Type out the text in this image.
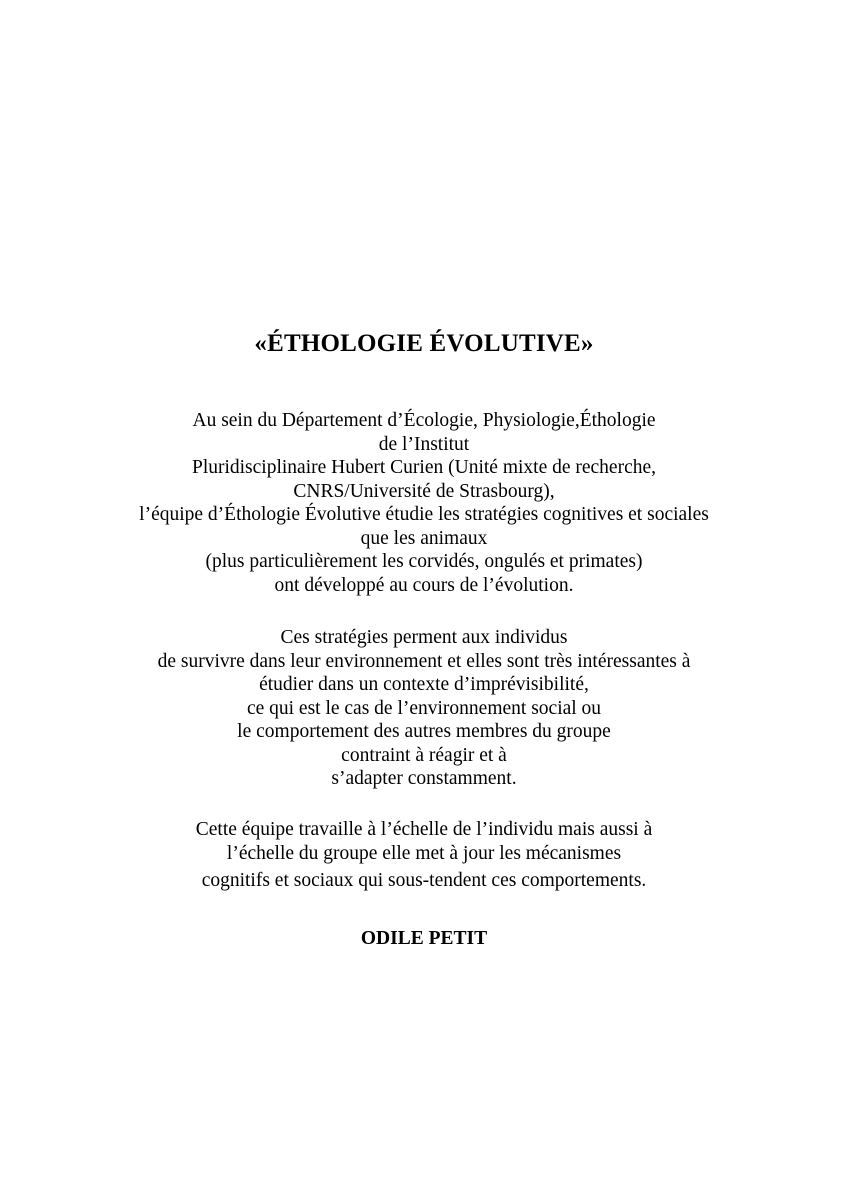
«ÉTHOLOGIE ÉVOLUTIVE»
Au sein du Département d’Écologie, Physiologie,Éthologie
de l’Institut
Pluridisciplinaire Hubert Curien (Unité mixte de recherche,
CNRS/Université de Strasbourg),
l’équipe d’Éthologie Évolutive étudie les stratégies cognitives et sociales
que les animaux
(plus particulièrement les corvidés, ongulés et primates)
ont développé au cours de l’évolution.
Ces stratégies perment aux individus
de survivre dans leur environnement et elles sont très intéressantes à
étudier dans un contexte d’imprévisibilité,
ce qui est le cas de l’environnement social ou
le comportement des autres membres du groupe
contraint à réagir et à
s’adapter constamment.
Cette équipe travaille à l’échelle de l’individu mais aussi à
l’échelle du groupe elle met à jour les mécanismes
cognitifs et sociaux qui sous-tendent ces comportements.
ODILE PETIT
